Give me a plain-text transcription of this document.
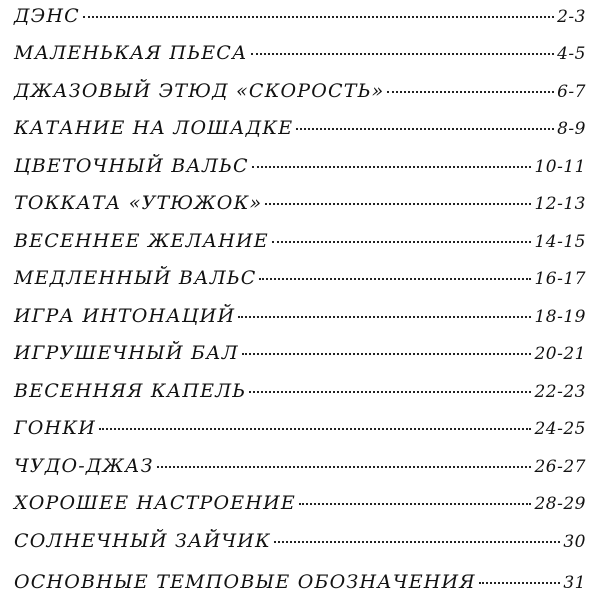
ДЭНС	2-3
МАЛЕНЬКАЯ ПЬЕСА	4-5
ДЖАЗОВЫЙ ЭТЮД «СКОРОСТЬ»	6-7
КАТАНИЕ НА ЛОШАДКЕ	8-9
ЦВЕТОЧНЫЙ ВАЛЬС	10-11
ТОККАТА «УТЮЖОК»	12-13
ВЕСЕННЕЕ ЖЕЛАНИЕ	14-15
МЕДЛЕННЫЙ ВАЛЬС	16-17
ИГРА ИНТОНАЦИЙ	18-19
ИГРУШЕЧНЫЙ БАЛ	20-21
ВЕСЕННЯЯ КАПЕЛЬ	22-23
ГОНКИ	24-25
ЧУДО-ДЖАЗ	26-27
ХОРОШЕЕ НАСТРОЕНИЕ	28-29
СОЛНЕЧНЫЙ ЗАЙЧИК	30
ОСНОВНЫЕ ТЕМПОВЫЕ ОБОЗНАЧЕНИЯ	31
